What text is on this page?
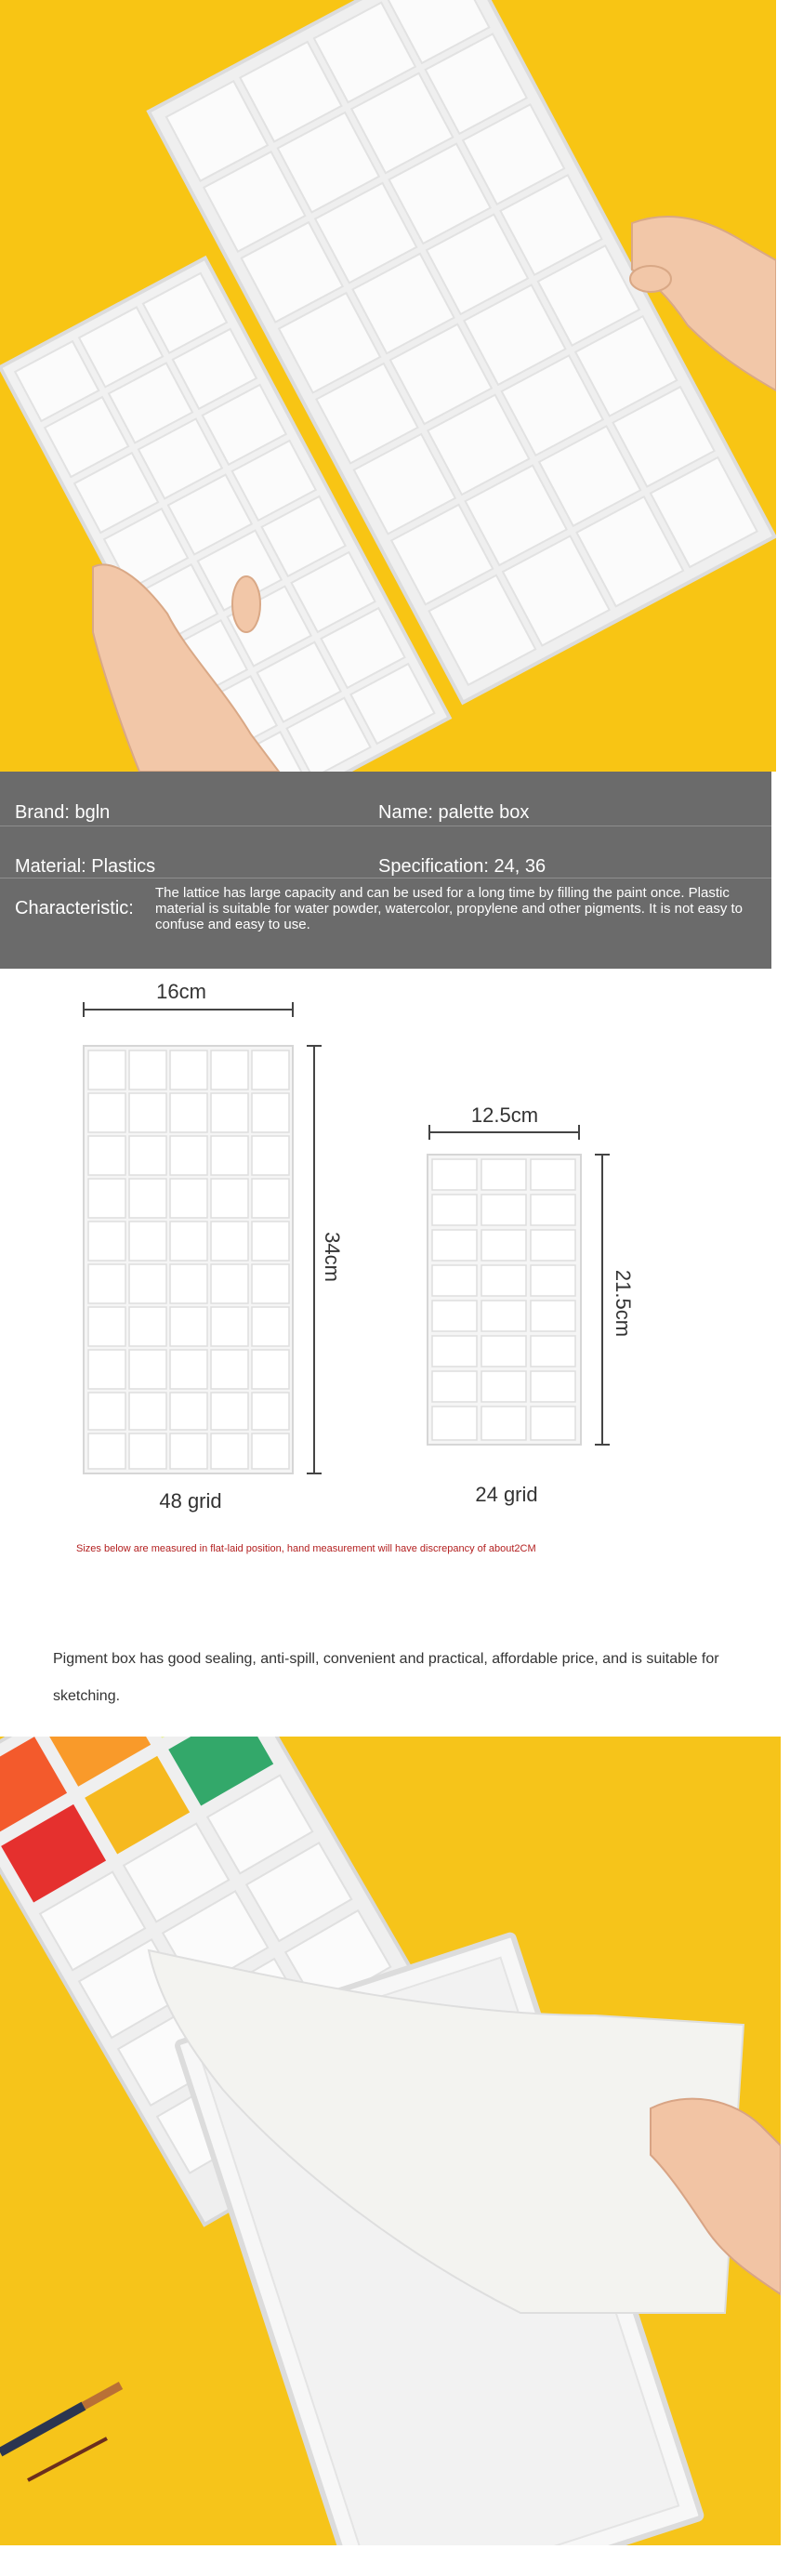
Brand: bgln	Name: palette box
Material: Plastics	Specification: 24, 36
Characteristic:
The lattice has large capacity and can be used for a long time by filling the paint once. Plastic material is suitable for water powder, watercolor, propylene and other pigments. It is not easy to confuse and easy to use.
16cm
34cm
48 grid
12.5cm
21.5cm
24 grid
Sizes below are measured in flat-laid position, hand measurement will have discrepancy of about2CM
Pigment box has good sealing, anti-spill, convenient and practical, affordable price, and is suitable for sketching.
